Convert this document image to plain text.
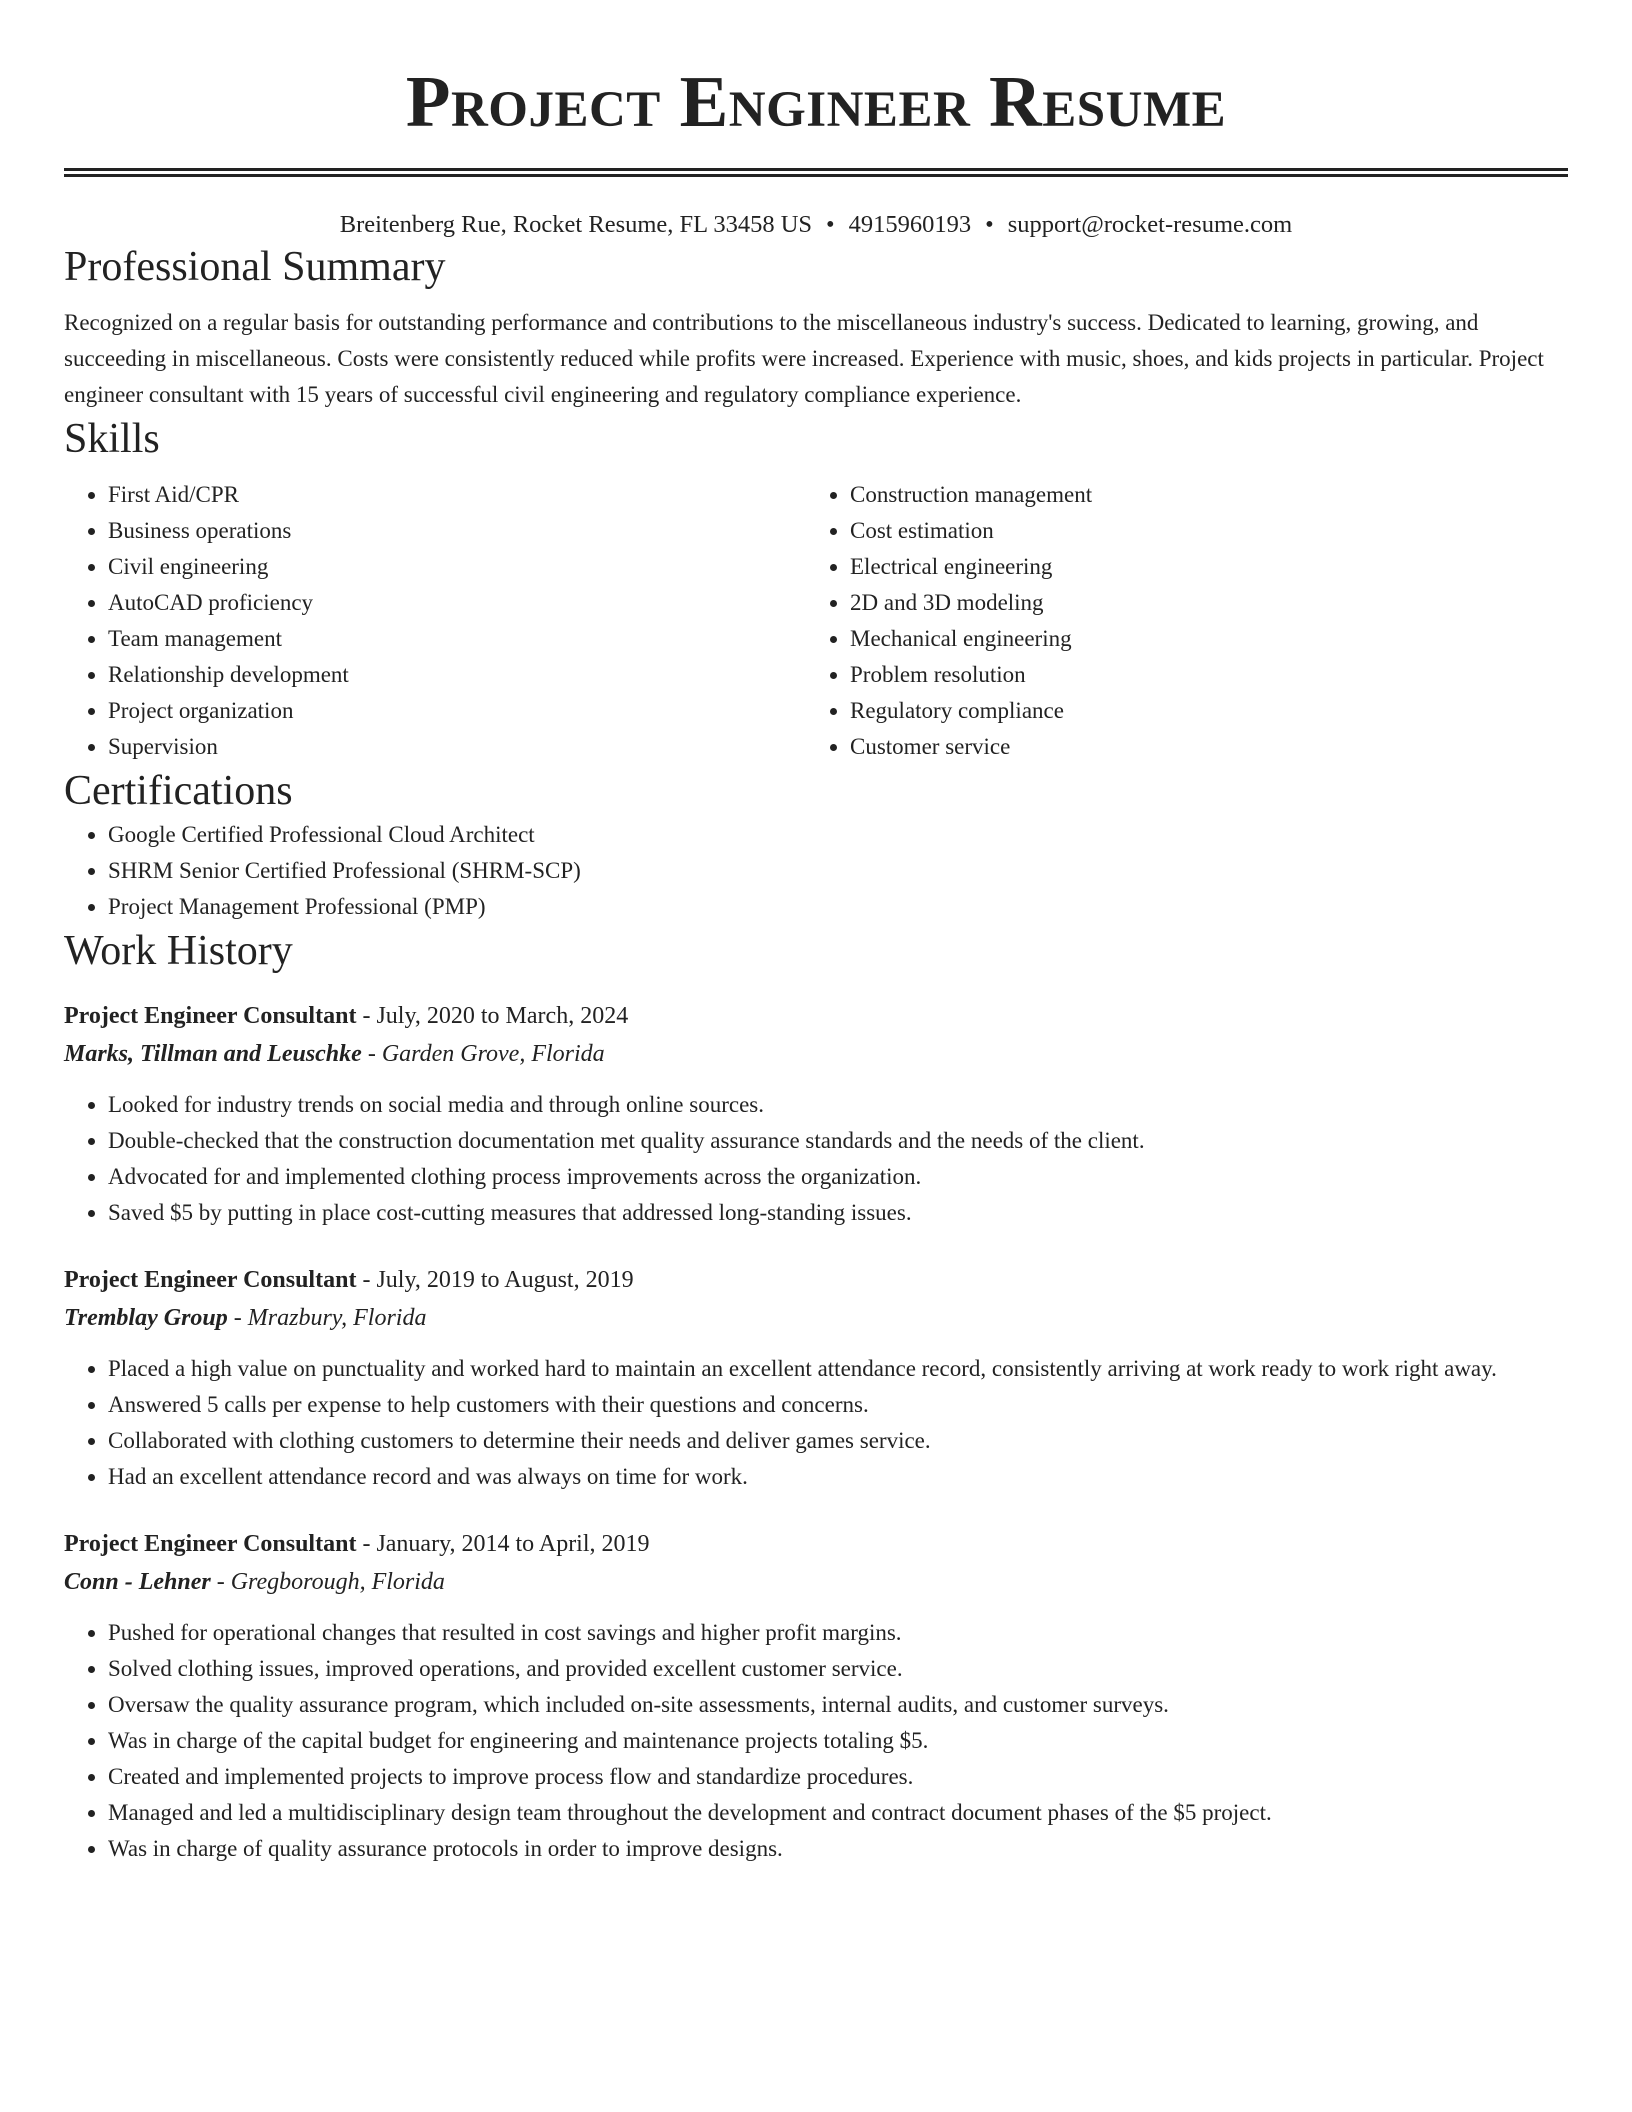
Project Engineer Resume
Breitenberg Rue, Rocket Resume, FL 33458 US • 4915960193 • support@rocket-resume.com
Professional Summary

Recognized on a regular basis for outstanding performance and contributions to the miscellaneous industry's success. Dedicated to learning, growing, and succeeding in miscellaneous. Costs were consistently reduced while profits were increased. Experience with music, shoes, and kids projects in particular. Project engineer consultant with 15 years of successful civil engineering and regulatory compliance experience.

Skills
• First Aid/CPR
• Business operations
• Civil engineering
• AutoCAD proficiency
• Team management
• Relationship development
• Project organization
• Supervision
• Construction management
• Cost estimation
• Electrical engineering
• 2D and 3D modeling
• Mechanical engineering
• Problem resolution
• Regulatory compliance
• Customer service
Certifications
• Google Certified Professional Cloud Architect
• SHRM Senior Certified Professional (SHRM-SCP)
• Project Management Professional (PMP)
Work History
Project Engineer Consultant - July, 2020 to March, 2024
Marks, Tillman and Leuschke - Garden Grove, Florida
• Looked for industry trends on social media and through online sources.
• Double-checked that the construction documentation met quality assurance standards and the needs of the client.
• Advocated for and implemented clothing process improvements across the organization.
• Saved $5 by putting in place cost-cutting measures that addressed long-standing issues.
Project Engineer Consultant - July, 2019 to August, 2019
Tremblay Group - Mrazbury, Florida
• Placed a high value on punctuality and worked hard to maintain an excellent attendance record, consistently arriving at work ready to work right away.
• Answered 5 calls per expense to help customers with their questions and concerns.
• Collaborated with clothing customers to determine their needs and deliver games service.
• Had an excellent attendance record and was always on time for work.
Project Engineer Consultant - January, 2014 to April, 2019
Conn - Lehner - Gregborough, Florida
• Pushed for operational changes that resulted in cost savings and higher profit margins.
• Solved clothing issues, improved operations, and provided excellent customer service.
• Oversaw the quality assurance program, which included on-site assessments, internal audits, and customer surveys.
• Was in charge of the capital budget for engineering and maintenance projects totaling $5.
• Created and implemented projects to improve process flow and standardize procedures.
• Managed and led a multidisciplinary design team throughout the development and contract document phases of the $5 project.
• Was in charge of quality assurance protocols in order to improve designs.
